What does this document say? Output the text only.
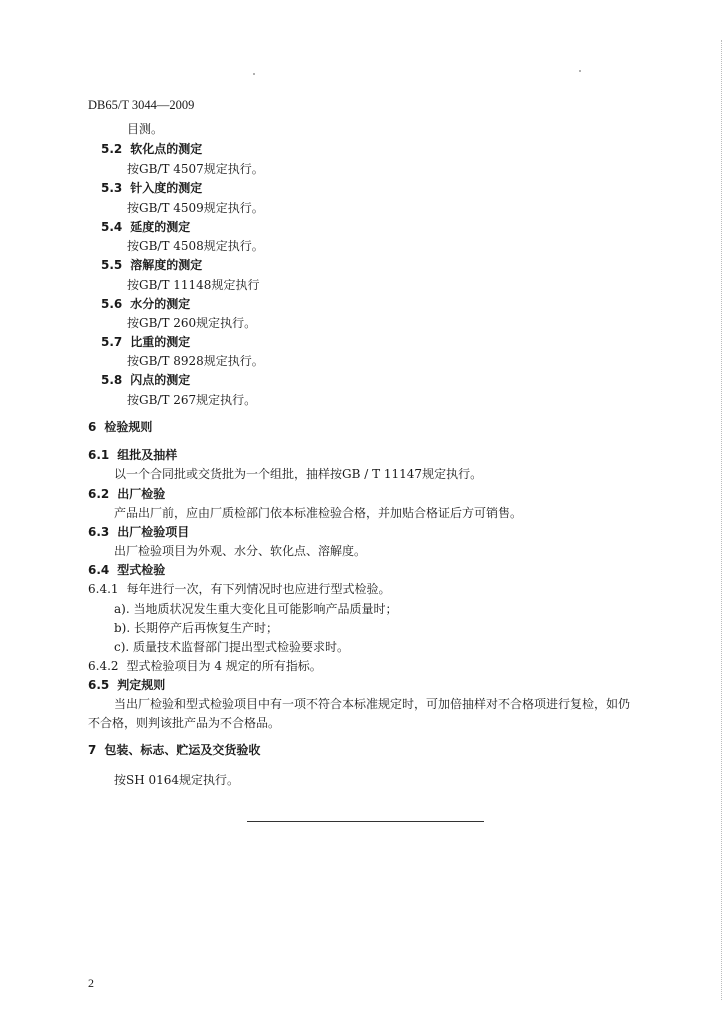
DB65/T 3044—2009
目测。
5.2 软化点的测定
按GB/T 4507规定执行。
5.3 针入度的测定
按GB/T 4509规定执行。
5.4 延度的测定
按GB/T 4508规定执行。
5.5 溶解度的测定
按GB/T 11148规定执行
5.6 水分的测定
按GB/T 260规定执行。
5.7 比重的测定
按GB/T 8928规定执行。
5.8 闪点的测定
按GB/T 267规定执行。
6 检验规则
6.1 组批及抽样
以一个合同批或交货批为一个组批，抽样按GB / T 11147规定执行。
6.2 出厂检验
产品出厂前，应由厂质检部门依本标准检验合格，并加贴合格证后方可销售。
6.3 出厂检验项目
出厂检验项目为外观、水分、软化点、溶解度。
6.4 型式检验
6.4.1 每年进行一次，有下列情况时也应进行型式检验。
a). 当地质状况发生重大变化且可能影响产品质量时；
b). 长期停产后再恢复生产时；
c). 质量技术监督部门提出型式检验要求时。
6.4.2 型式检验项目为 4 规定的所有指标。
6.5 判定规则
当出厂检验和型式检验项目中有一项不符合本标准规定时，可加倍抽样对不合格项进行复检，如仍
不合格，则判该批产品为不合格品。
7 包装、标志、贮运及交货验收
按SH 0164规定执行。
2
